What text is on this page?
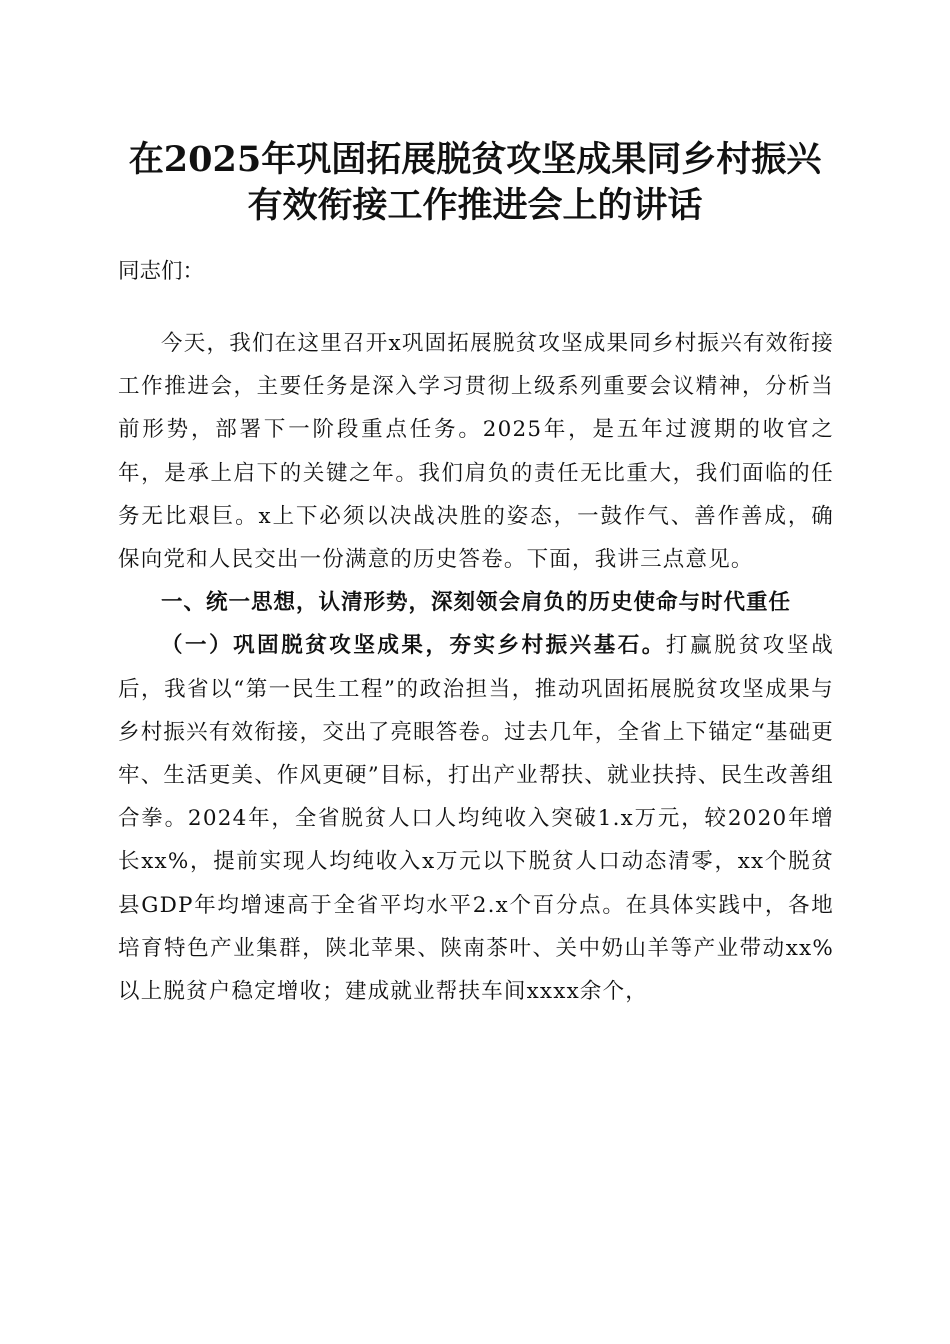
在2025年巩固拓展脱贫攻坚成果同乡村振兴
有效衔接工作推进会上的讲话
同志们：

今天，我们在这里召开x巩固拓展脱贫攻坚成果同乡村振兴有效衔接工作推进会，主要任务是深入学习贯彻上级系列重要会议精神，分析当前形势，部署下一阶段重点任务。2025年，是五年过渡期的收官之年，是承上启下的关键之年。我们肩负的责任无比重大，我们面临的任务无比艰巨。x上下必须以决战决胜的姿态，一鼓作气、善作善成，确保向党和人民交出一份满意的历史答卷。下面，我讲三点意见。

一、统一思想，认清形势，深刻领会肩负的历史使命与时代重任

（一）巩固脱贫攻坚成果，夯实乡村振兴基石。打赢脱贫攻坚战后，我省以“第一民生工程”的政治担当，推动巩固拓展脱贫攻坚成果与乡村振兴有效衔接，交出了亮眼答卷。过去几年，全省上下锚定“基础更牢、生活更美、作风更硬”目标，打出产业帮扶、就业扶持、民生改善组合拳。2024年，全省脱贫人口人均纯收入突破1.x万元，较2020年增长xx%，提前实现人均纯收入x万元以下脱贫人口动态清零，xx个脱贫县GDP年均增速高于全省平均水平2.x个百分点。在具体实践中，各地培育特色产业集群，陕北苹果、陕南茶叶、关中奶山羊等产业带动xx%以上脱贫户稳定增收；建成就业帮扶车间xxxx余个，
